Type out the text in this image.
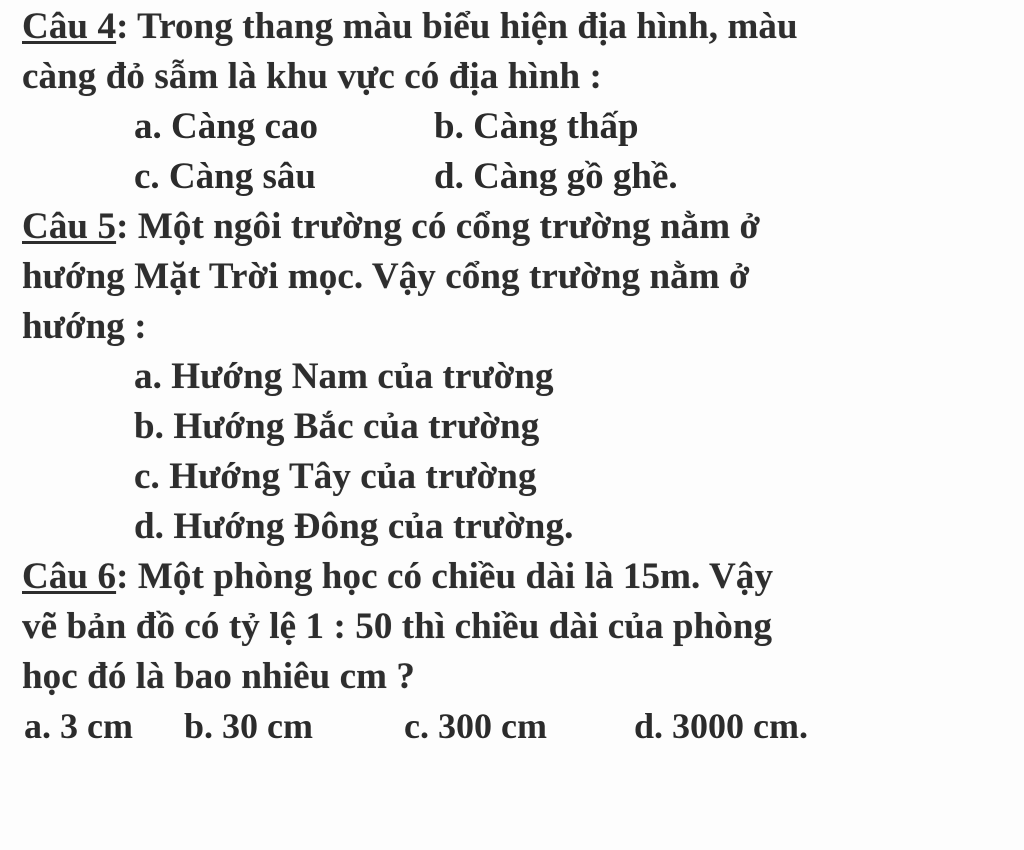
Câu 4: Trong thang màu biểu hiện địa hình, màu
càng đỏ sẫm là khu vực có địa hình :
a. Càng cao	b. Càng thấp
c. Càng sâu	d. Càng gồ ghề.
Câu 5: Một ngôi trường có cổng trường nằm ở
hướng Mặt Trời mọc. Vậy cổng trường nằm ở
hướng :
a. Hướng Nam của trường
b. Hướng Bắc của trường
c. Hướng Tây của trường
d. Hướng Đông của trường.
Câu 6: Một phòng học có chiều dài là 15m. Vậy
vẽ bản đồ có tỷ lệ 1 : 50 thì chiều dài của phòng
học đó là bao nhiêu cm ?
a. 3 cm	b. 30 cm	c. 300 cm	d. 3000 cm.
